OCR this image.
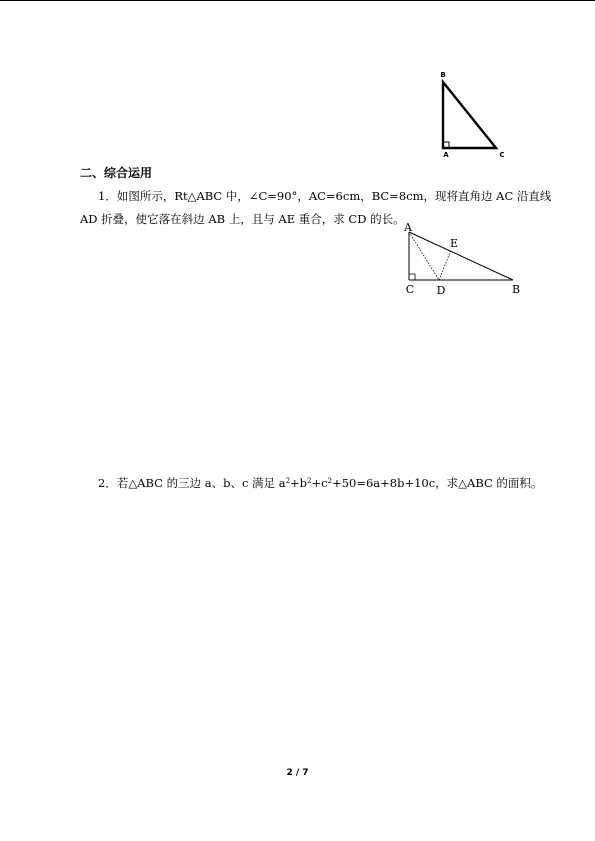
B
A	C
二、综合运用
1．如图所示，Rt△ABC 中，∠C=90°，AC=6cm，BC=8cm，现将直角边 AC 沿直线
AD 折叠，使它落在斜边 AB 上，且与 AE 重合，求 CD 的长。
A
E
C D	B
2．若△ABC 的三边 a、b、c 满足 $a^2+b^2+c^2+50=6a+8b+10c$，求△ABC 的面积。
2 / 7
